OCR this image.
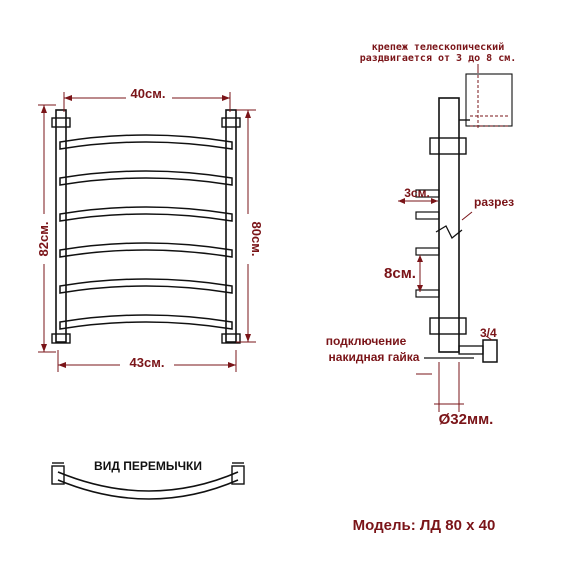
40см.
43см.
82см.	80см.
ВИД ПЕРЕМЫЧКИ
крепеж телескопический
раздвигается от 3 до 8 см.
3см.
разрез
8см.
подключение
накидная гайка
3/4
Ø32мм.
Модель: ЛД 80 х 40
